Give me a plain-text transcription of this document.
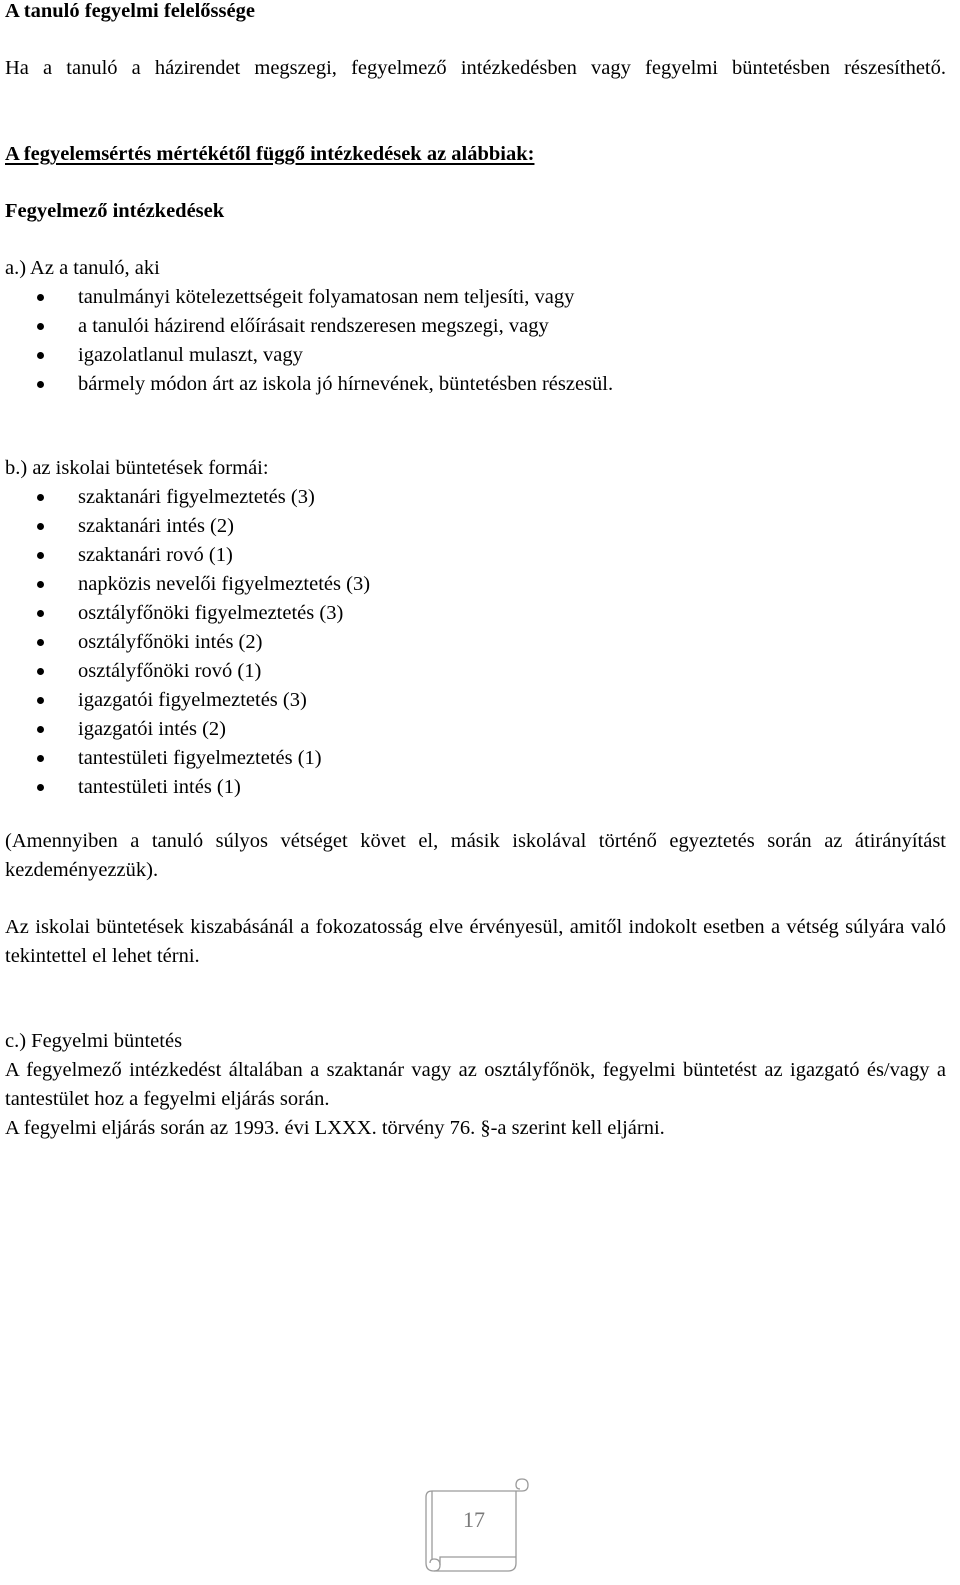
A tanuló fegyelmi felelőssége

Ha a tanuló a házirendet megszegi, fegyelmező intézkedésben vagy fegyelmi büntetésben részesíthető.

A fegyelemsértés mértékétől függő intézkedések az alábbiak:

Fegyelmező intézkedések

a.) Az a tanuló, aki

tanulmányi kötelezettségeit folyamatosan nem teljesíti, vagy
a tanulói házirend előírásait rendszeresen megszegi, vagy
igazolatlanul mulaszt, vagy
bármely módon árt az iskola jó hírnevének, büntetésben részesül.

b.) az iskolai büntetések formái:

szaktanári figyelmeztetés (3)
szaktanári intés (2)
szaktanári rovó (1)
napközis nevelői figyelmeztetés (3)
osztályfőnöki figyelmeztetés (3)
osztályfőnöki intés (2)
osztályfőnöki rovó (1)
igazgatói figyelmeztetés (3)
igazgatói intés (2)
tantestületi figyelmeztetés (1)
tantestületi intés (1)

(Amennyiben a tanuló súlyos vétséget követ el, másik iskolával történő egyeztetés során az átirányítást kezdeményezzük).

Az iskolai büntetések kiszabásánál a fokozatosság elve érvényesül, amitől indokolt esetben a vétség súlyára való tekintettel el lehet térni.

c.) Fegyelmi büntetés

A fegyelmező intézkedést általában a szaktanár vagy az osztályfőnök, fegyelmi büntetést az igazgató és/vagy a tantestület hoz a fegyelmi eljárás során.

A fegyelmi eljárás során az 1993. évi LXXX. törvény 76. §-a szerint kell eljárni.

17
